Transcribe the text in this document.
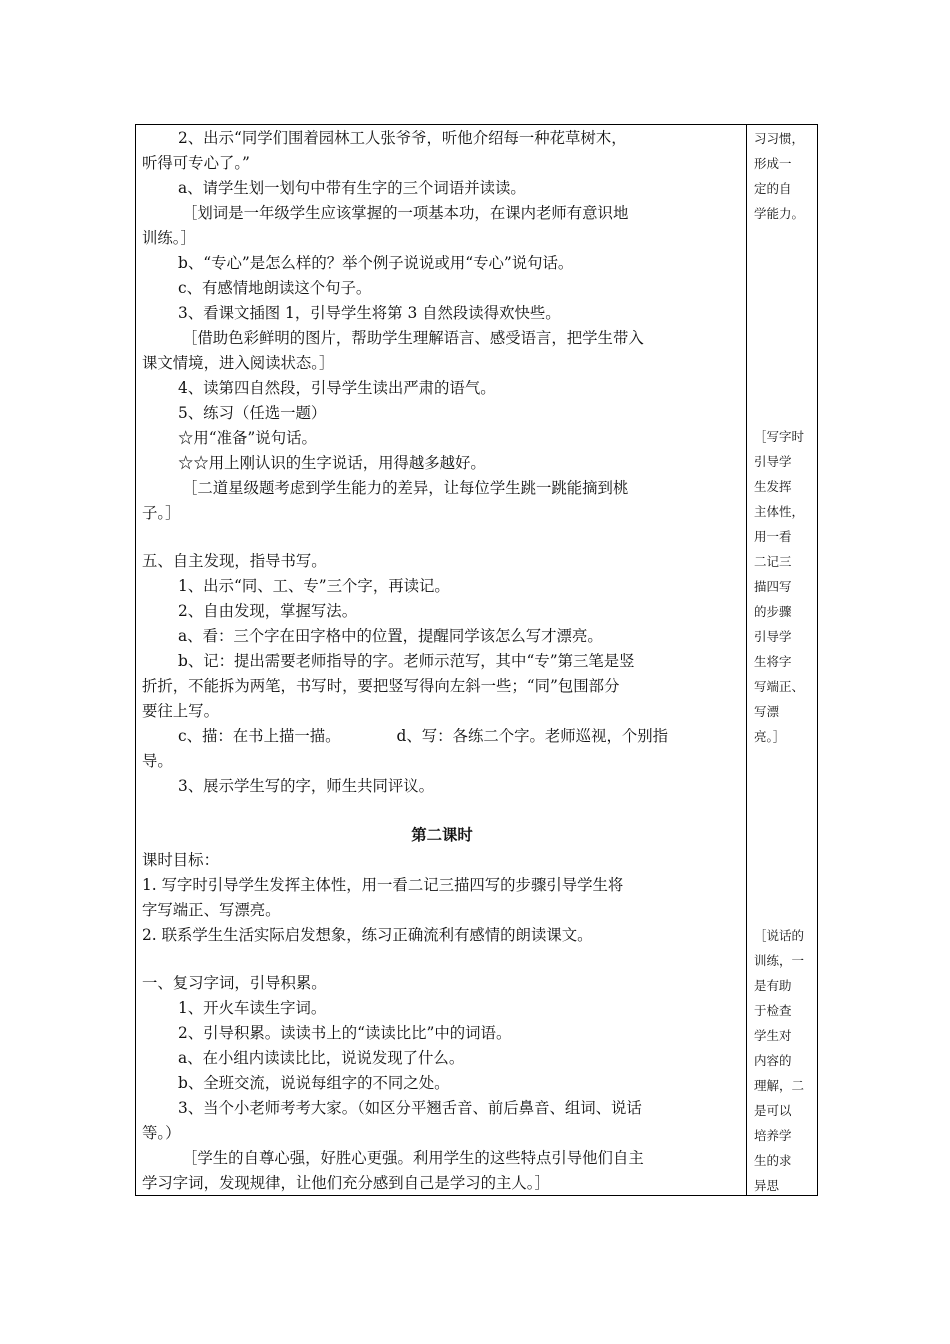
2、出示“同学们围着园林工人张爷爷，听他介绍每一种花草树木，
听得可专心了。”
a、请学生划一划句中带有生字的三个词语并读读。
［划词是一年级学生应该掌握的一项基本功，在课内老师有意识地
训练。］
b、“专心”是怎么样的？举个例子说说或用“专心”说句话。
c、有感情地朗读这个句子。
3、看课文插图 1，引导学生将第 3 自然段读得欢快些。
［借助色彩鲜明的图片，帮助学生理解语言、感受语言，把学生带入
课文情境，进入阅读状态。］
4、读第四自然段，引导学生读出严肃的语气。
5、练习（任选一题）
☆用“准备”说句话。
☆☆用上刚认识的生字说话，用得越多越好。
［二道星级题考虑到学生能力的差异，让每位学生跳一跳能摘到桃
子。］
五、自主发现，指导书写。
1、出示“同、工、专”三个字，再读记。
2、自由发现，掌握写法。
a、看：三个字在田字格中的位置，提醒同学该怎么写才漂亮。
b、记：提出需要老师指导的字。老师示范写，其中“专”第三笔是竖
折折，不能拆为两笔，书写时，要把竖写得向左斜一些；“同”包围部分
要往上写。
c、描：在书上描一描。	d、写：各练二个字。老师巡视，个别指
导。
3、展示学生写的字，师生共同评议。
第二课时
课时目标：
1. 写字时引导学生发挥主体性，用一看二记三描四写的步骤引导学生将
字写端正、写漂亮。
2. 联系学生生活实际启发想象，练习正确流利有感情的朗读课文。
一、复习字词，引导积累。
1、开火车读生字词。
2、引导积累。读读书上的“读读比比”中的词语。
a、在小组内读读比比，说说发现了什么。
b、全班交流，说说每组字的不同之处。
3、当个小老师考考大家。（如区分平翘舌音、前后鼻音、组词、说话
等。）
［学生的自尊心强，好胜心更强。利用学生的这些特点引导他们自主
学习字词，发现规律，让他们充分感到自己是学习的主人。］
习习惯，
形成一
定的自
学能力。
［写字时
引导学
生发挥
主体性，
用一看
二记三
描四写
的步骤
引导学
生将字
写端正、
写漂
亮。］
［说话的
训练，一
是有助
于检查
学生对
内容的
理解，二
是可以
培养学
生的求
异思
